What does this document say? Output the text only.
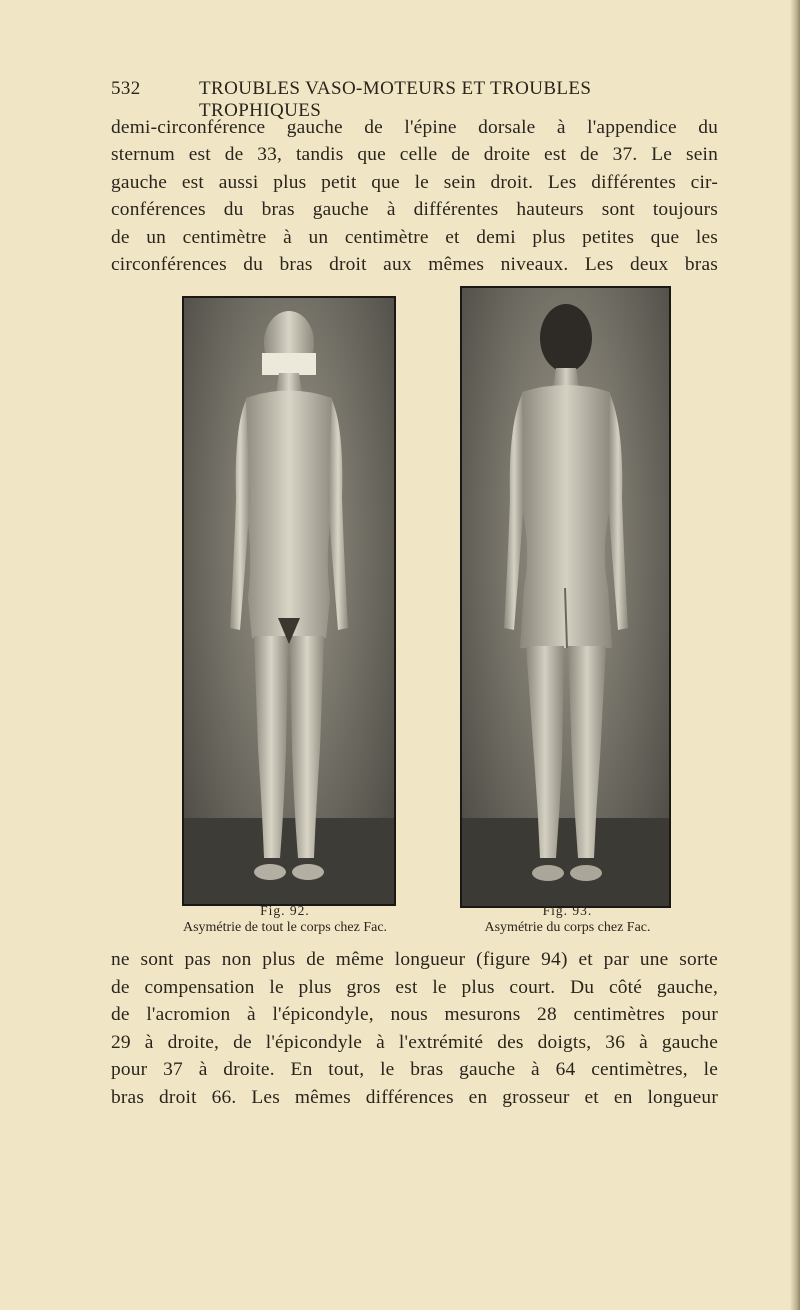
532	TROUBLES VASO-MOTEURS ET TROUBLES TROPHIQUES

demi-circonférence gauche de l'épine dorsale à l'appendice du
sternum est de 33, tandis que celle de droite est de 37. Le sein
gauche est aussi plus petit que le sein droit. Les différentes cir-
conférences du bras gauche à différentes hauteurs sont toujours
de un centimètre à un centimètre et demi plus petites que les
circonférences du bras droit aux mêmes niveaux. Les deux bras

Fig. 92.
Asymétrie de tout le corps chez Fac.
Fig. 93.
Asymétrie du corps chez Fac.

ne sont pas non plus de même longueur (figure 94) et par une sorte
de compensation le plus gros est le plus court. Du côté gauche,
de l'acromion à l'épicondyle, nous mesurons 28 centimètres pour
29 à droite, de l'épicondyle à l'extrémité des doigts, 36 à gauche
pour 37 à droite. En tout, le bras gauche à 64 centimètres, le
bras droit 66. Les mêmes différences en grosseur et en longueur
